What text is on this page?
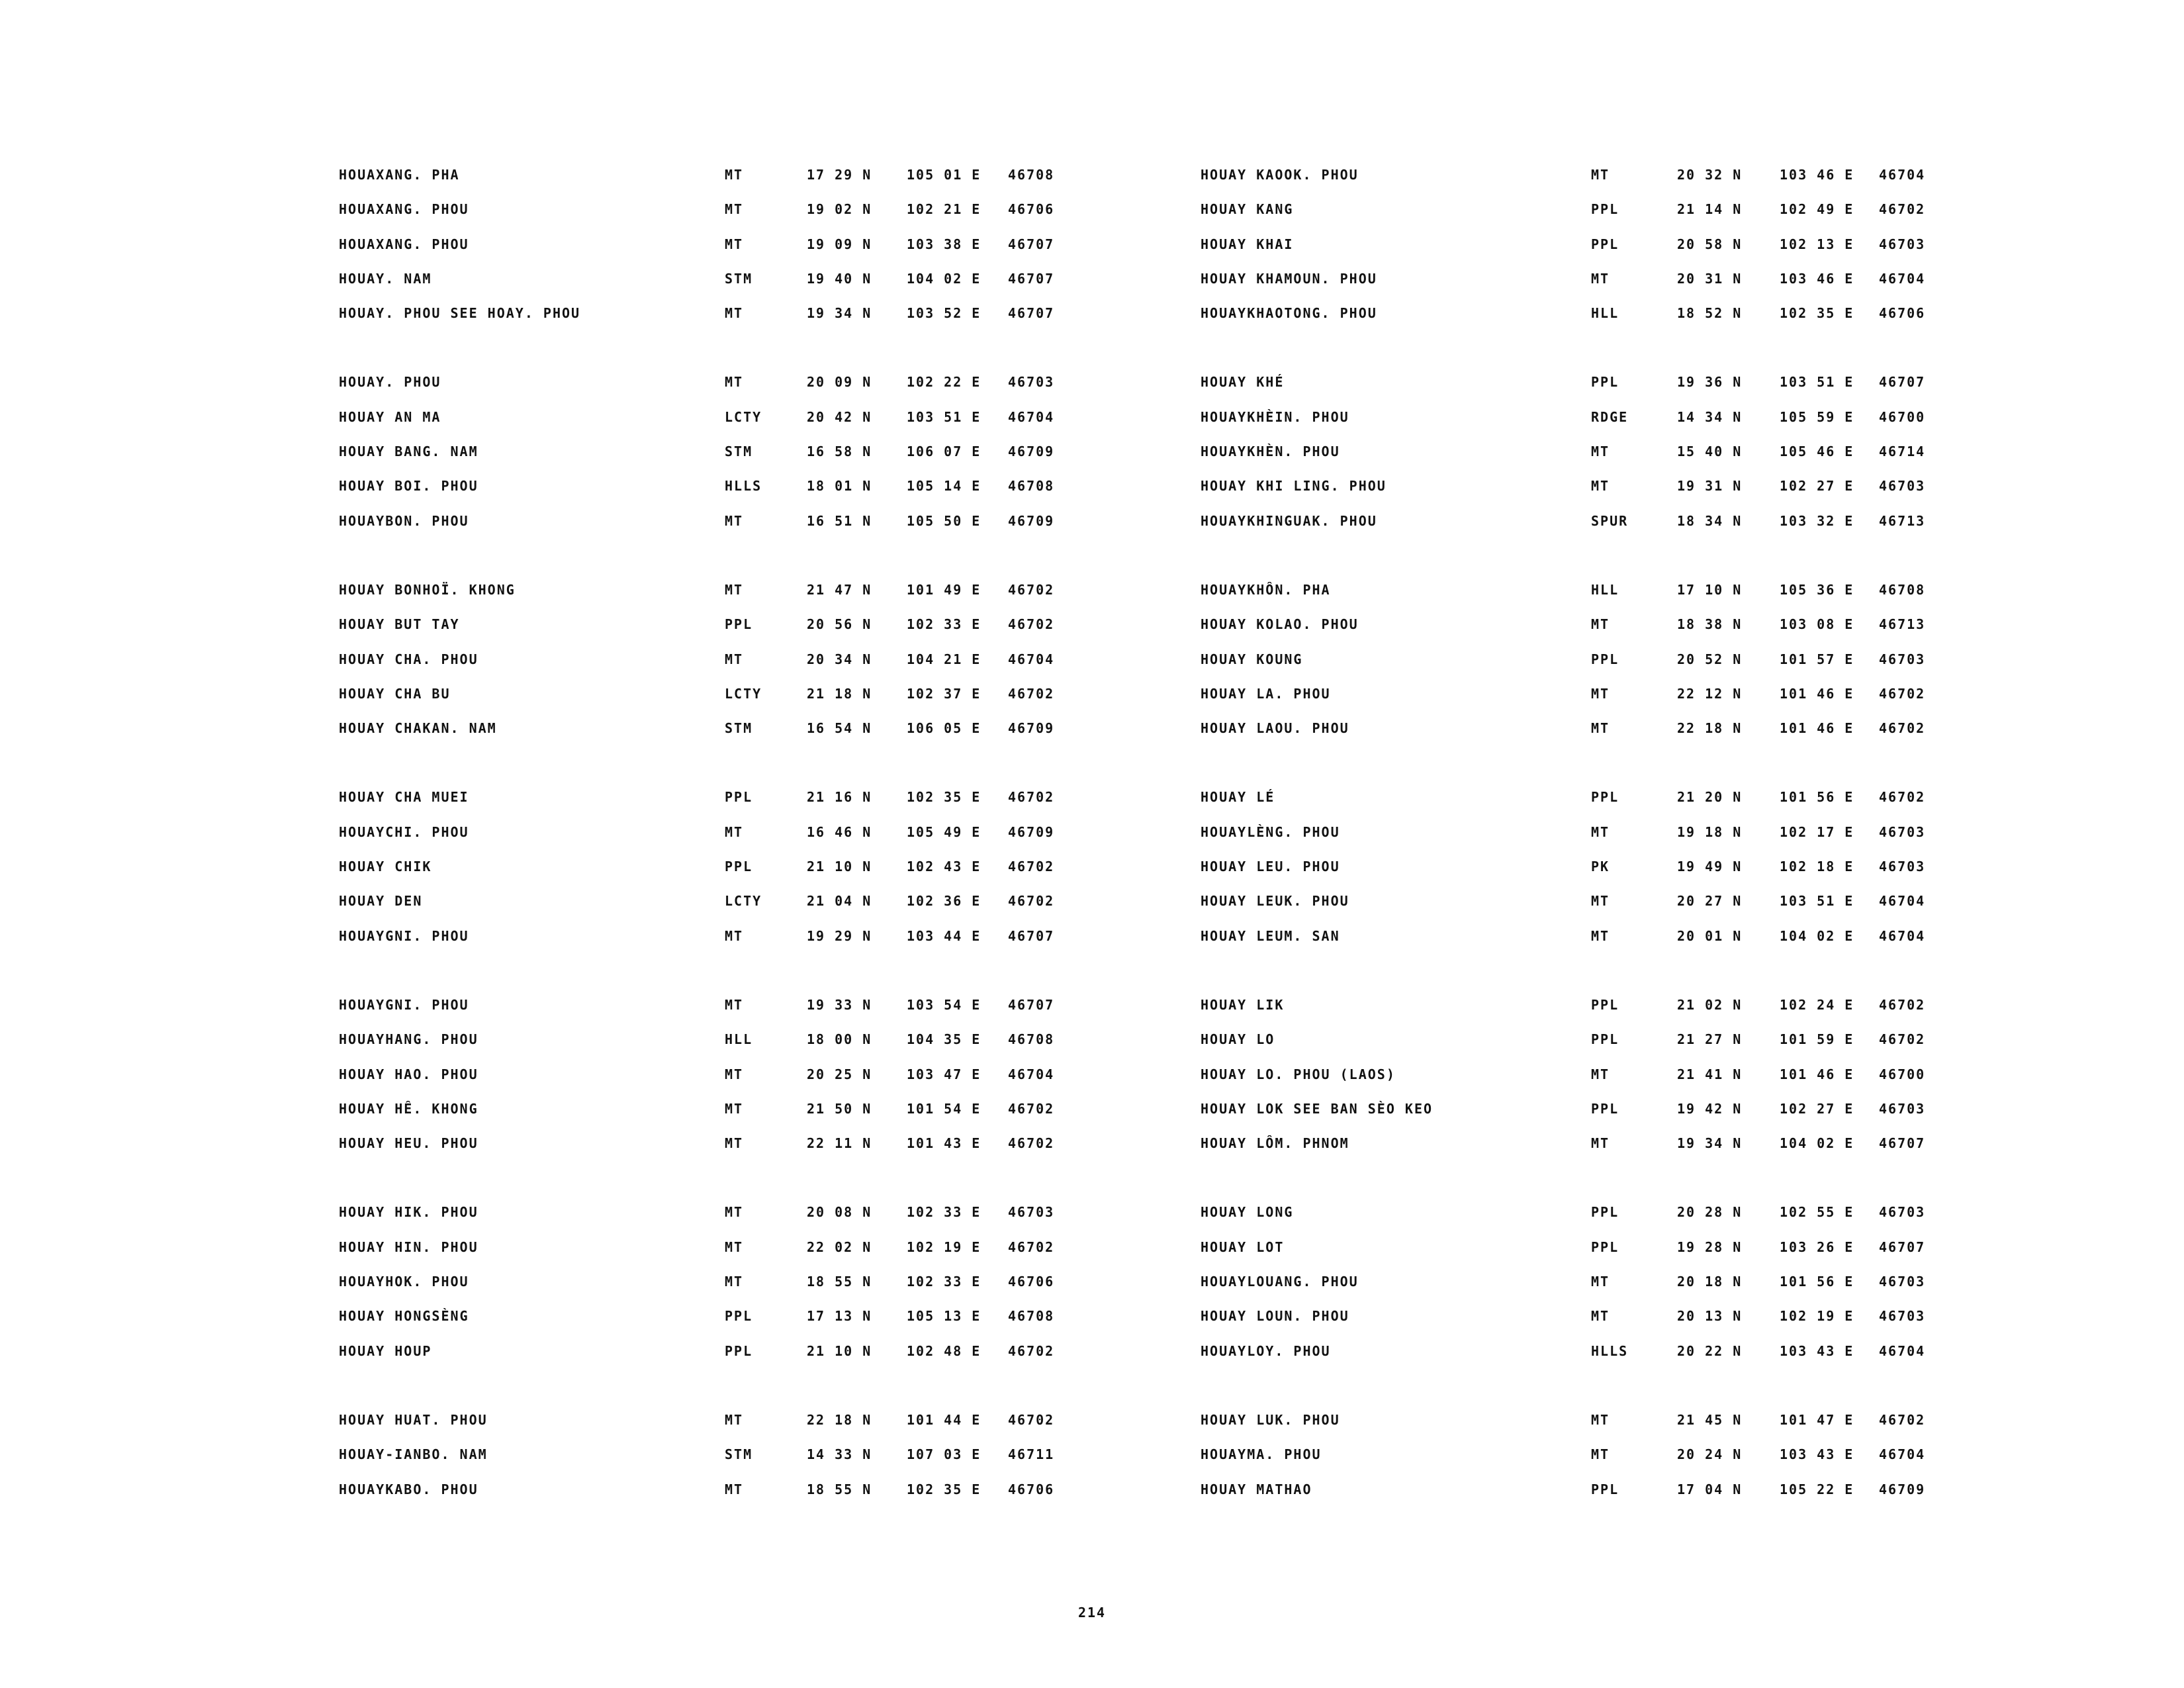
HOUAXANG. PHA	MT	17 29 N	105 01 E 46708
HOUAXANG. PHOU	MT	19 02 N	102 21 E 46706
HOUAXANG. PHOU	MT	19 09 N	103 38 E 46707
HOUAY. NAM	STM	19 40 N	104 02 E 46707
HOUAY. PHOU SEE HOAY. PHOU	MT	19 34 N	103 52 E 46707
HOUAY. PHOU	MT	20 09 N	102 22 E 46703
HOUAY AN MA	LCTY	20 42 N	103 51 E 46704
HOUAY BANG. NAM	STM	16 58 N	106 07 E 46709
HOUAY BOI. PHOU	HLLS	18 01 N	105 14 E 46708
HOUAYBON. PHOU	MT	16 51 N	105 50 E 46709
HOUAY BONHOÏ. KHONG	MT	21 47 N	101 49 E 46702
HOUAY BUT TAY	PPL	20 56 N	102 33 E 46702
HOUAY CHA. PHOU	MT	20 34 N	104 21 E 46704
HOUAY CHA BU	LCTY	21 18 N	102 37 E 46702
HOUAY CHAKAN. NAM	STM	16 54 N	106 05 E 46709
HOUAY CHA MUEI	PPL	21 16 N	102 35 E 46702
HOUAYCHI. PHOU	MT	16 46 N	105 49 E 46709
HOUAY CHIK	PPL	21 10 N	102 43 E 46702
HOUAY DEN	LCTY	21 04 N	102 36 E 46702
HOUAYGNI. PHOU	MT	19 29 N	103 44 E 46707
HOUAYGNI. PHOU	MT	19 33 N	103 54 E 46707
HOUAYHANG. PHOU	HLL	18 00 N	104 35 E 46708
HOUAY HAO. PHOU	MT	20 25 N	103 47 E 46704
HOUAY HÊ. KHONG	MT	21 50 N	101 54 E 46702
HOUAY HEU. PHOU	MT	22 11 N	101 43 E 46702
HOUAY HIK. PHOU	MT	20 08 N	102 33 E 46703
HOUAY HIN. PHOU	MT	22 02 N	102 19 E 46702
HOUAYHOK. PHOU	MT	18 55 N	102 33 E 46706
HOUAY HONGSÈNG	PPL	17 13 N	105 13 E 46708
HOUAY HOUP	PPL	21 10 N	102 48 E 46702
HOUAY HUAT. PHOU	MT	22 18 N	101 44 E 46702
HOUAY-IANBO. NAM	STM	14 33 N	107 03 E 46711
HOUAYKABO. PHOU	MT	18 55 N	102 35 E 46706
HOUAY KAOOK. PHOU	MT	20 32 N	103 46 E 46704
HOUAY KANG	PPL	21 14 N	102 49 E 46702
HOUAY KHAI	PPL	20 58 N	102 13 E 46703
HOUAY KHAMOUN. PHOU	MT	20 31 N	103 46 E 46704
HOUAYKHAOTONG. PHOU	HLL	18 52 N	102 35 E 46706
HOUAY KHÉ	PPL	19 36 N	103 51 E 46707
HOUAYKHÈIN. PHOU	RDGE	14 34 N	105 59 E 46700
HOUAYKHÈN. PHOU	MT	15 40 N	105 46 E 46714
HOUAY KHI LING. PHOU	MT	19 31 N	102 27 E 46703
HOUAYKHINGUAK. PHOU	SPUR	18 34 N	103 32 E 46713
HOUAYKHÔN. PHA	HLL	17 10 N	105 36 E 46708
HOUAY KOLAO. PHOU	MT	18 38 N	103 08 E 46713
HOUAY KOUNG	PPL	20 52 N	101 57 E 46703
HOUAY LA. PHOU	MT	22 12 N	101 46 E 46702
HOUAY LAOU. PHOU	MT	22 18 N	101 46 E 46702
HOUAY LÉ	PPL	21 20 N	101 56 E 46702
HOUAYLÈNG. PHOU	MT	19 18 N	102 17 E 46703
HOUAY LEU. PHOU	PK	19 49 N	102 18 E 46703
HOUAY LEUK. PHOU	MT	20 27 N	103 51 E 46704
HOUAY LEUM. SAN	MT	20 01 N	104 02 E 46704
HOUAY LIK	PPL	21 02 N	102 24 E 46702
HOUAY LO	PPL	21 27 N	101 59 E 46702
HOUAY LO. PHOU (LAOS)	MT	21 41 N	101 46 E 46700
HOUAY LOK SEE BAN SÈO KEO	PPL	19 42 N	102 27 E 46703
HOUAY LÔM. PHNOM	MT	19 34 N	104 02 E 46707
HOUAY LONG	PPL	20 28 N	102 55 E 46703
HOUAY LOT	PPL	19 28 N	103 26 E 46707
HOUAYLOUANG. PHOU	MT	20 18 N	101 56 E 46703
HOUAY LOUN. PHOU	MT	20 13 N	102 19 E 46703
HOUAYLOY. PHOU	HLLS	20 22 N	103 43 E 46704
HOUAY LUK. PHOU	MT	21 45 N	101 47 E 46702
HOUAYMA. PHOU	MT	20 24 N	103 43 E 46704
HOUAY MATHAO	PPL	17 04 N	105 22 E 46709
214
